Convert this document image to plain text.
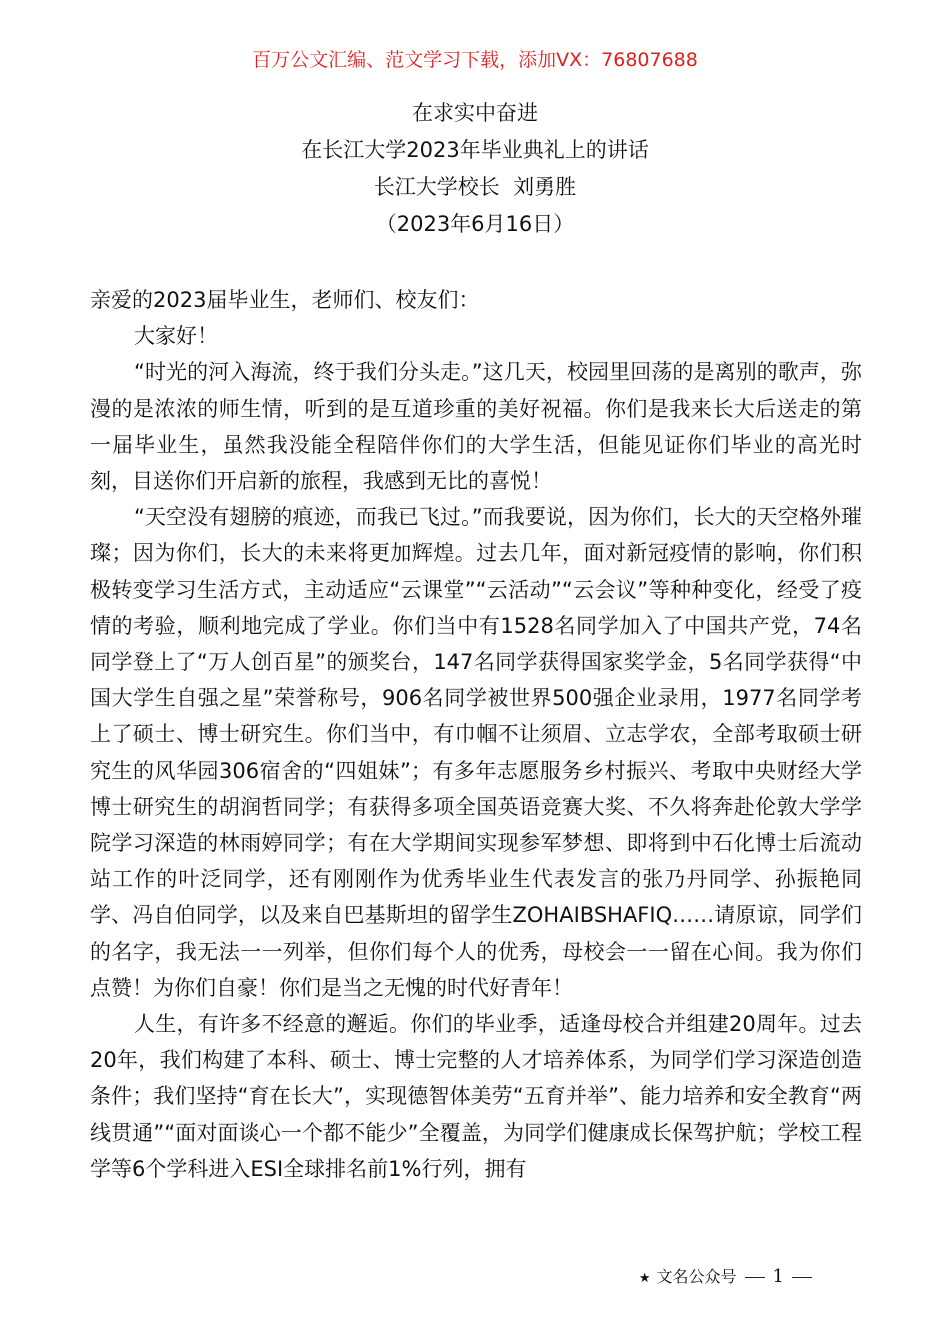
百万公文汇编、范文学习下载，添加VX：76807688
在求实中奋进
在长江大学2023年毕业典礼上的讲话
长江大学校长  刘勇胜
（2023年6月16日）

亲爱的2023届毕业生，老师们、校友们：

大家好！

“时光的河入海流，终于我们分头走。”这几天，校园里回荡的是离别的歌声，弥漫的是浓浓的师生情，听到的是互道珍重的美好祝福。你们是我来长大后送走的第一届毕业生，虽然我没能全程陪伴你们的大学生活，但能见证你们毕业的高光时刻，目送你们开启新的旅程，我感到无比的喜悦！

“天空没有翅膀的痕迹，而我已飞过。”而我要说，因为你们，长大的天空格外璀璨；因为你们，长大的未来将更加辉煌。过去几年，面对新冠疫情的影响，你们积极转变学习生活方式，主动适应“云课堂”“云活动”“云会议”等种种变化，经受了疫情的考验，顺利地完成了学业。你们当中有1528名同学加入了中国共产党，74名同学登上了“万人创百星”的颁奖台，147名同学获得国家奖学金，5名同学获得“中国大学生自强之星”荣誉称号，906名同学被世界500强企业录用，1977名同学考上了硕士、博士研究生。你们当中，有巾帼不让须眉、立志学农，全部考取硕士研究生的风华园306宿舍的“四姐妹”；有多年志愿服务乡村振兴、考取中央财经大学博士研究生的胡润哲同学；有获得多项全国英语竞赛大奖、不久将奔赴伦敦大学学院学习深造的林雨婷同学；有在大学期间实现参军梦想、即将到中石化博士后流动站工作的叶泛同学，还有刚刚作为优秀毕业生代表发言的张乃丹同学、孙振艳同学、冯自伯同学，以及来自巴基斯坦的留学生ZOHAIBSHAFIQ……请原谅，同学们的名字，我无法一一列举，但你们每个人的优秀，母校会一一留在心间。我为你们点赞！为你们自豪！你们是当之无愧的时代好青年！

人生，有许多不经意的邂逅。你们的毕业季，适逢母校合并组建20周年。过去20年，我们构建了本科、硕士、博士完整的人才培养体系，为同学们学习深造创造条件；我们坚持“育在长大”，实现德智体美劳“五育并举”、能力培养和安全教育“两线贯通”“面对面谈心一个都不能少”全覆盖，为同学们健康成长保驾护航；学校工程学等6个学科进入ESI全球排名前1%行列，拥有

★ 文名公众号 1
